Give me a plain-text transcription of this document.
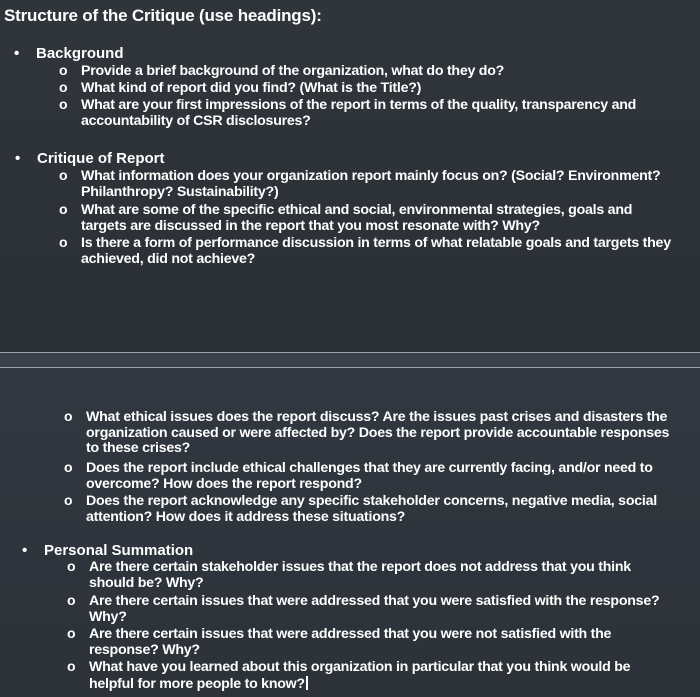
Structure of the Critique (use headings):
• Background
o Provide a brief background of the organization, what do they do?
o What kind of report did you find? (What is the Title?)
o What are your first impressions of the report in terms of the quality, transparency and accountability of CSR disclosures?
• Critique of Report
o What information does your organization report mainly focus on? (Social? Environment? Philanthropy? Sustainability?)
o What are some of the specific ethical and social, environmental strategies, goals and targets are discussed in the report that you most resonate with? Why?
o Is there a form of performance discussion in terms of what relatable goals and targets they achieved, did not achieve?
o What ethical issues does the report discuss? Are the issues past crises and disasters the organization caused or were affected by? Does the report provide accountable responses to these crises?
o Does the report include ethical challenges that they are currently facing, and/or need to overcome? How does the report respond?
o Does the report acknowledge any specific stakeholder concerns, negative media, social attention? How does it address these situations?
• Personal Summation
o Are there certain stakeholder issues that the report does not address that you think should be? Why?
o Are there certain issues that were addressed that you were satisfied with the response? Why?
o Are there certain issues that were addressed that you were not satisfied with the response? Why?
o What have you learned about this organization in particular that you think would be helpful for more people to know?
